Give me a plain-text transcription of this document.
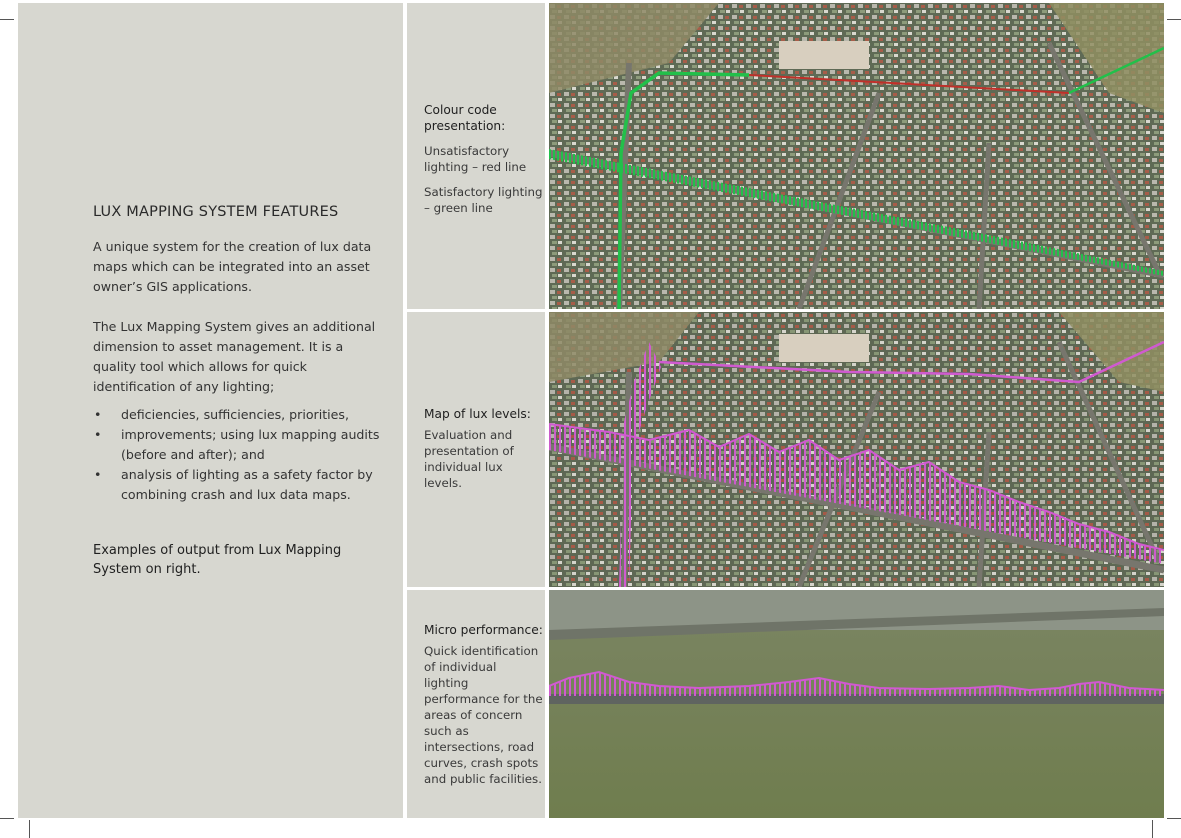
LUX MAPPING SYSTEM FEATURES

A unique system for the creation of lux data maps which can be integrated into an asset owner’s GIS applications.

The Lux Mapping System gives an additional dimension to asset management. It is a quality tool which allows for quick identification of any lighting;

• deficiencies, sufficiencies, priorities,
• improvements; using lux mapping audits (before and after); and
• analysis of lighting as a safety factor by combining crash and lux data maps.

Examples of output from Lux Mapping System on right.

Colour code presentation:

Unsatisfactory lighting – red line

Satisfactory lighting – green line

Map of lux levels:

Evaluation and presentation of individual lux levels.

Micro performance:

Quick identification of individual lighting performance for the areas of concern such as intersections, road curves, crash spots and public facilities.
